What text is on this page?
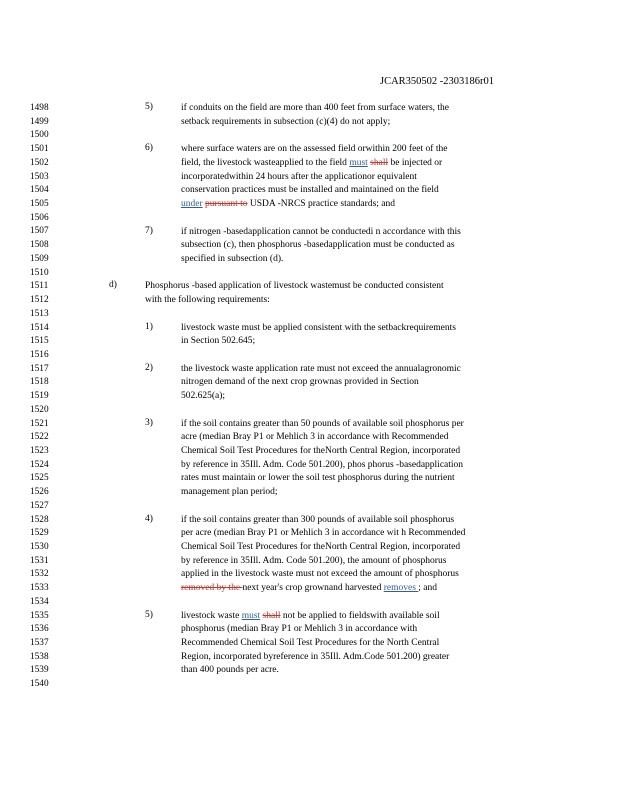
JCAR350502 -2303186r01
1498
1499
1500
1501
1502
1503
1504
1505
1506
1507
1508
1509
1510
1511
1512
1513
1514
1515
1516
1517
1518
1519
1520
1521
1522
1523
1524
1525
1526
1527
1528
1529
1530
1531
1532
1533
1534
1535
1536
1537
1538
1539
1540
5)	if conduits on the field are more than 400 feet from surface waters, the
setback requirements in subsection (c)(4) do not apply;
6)	where surface waters are on the assessed field orwithin 200 feet of the
field, the livestock wasteapplied to the field must shall be injected or
incorporatedwithin 24 hours after the applicationor equivalent
conservation practices must be installed and maintained on the field
under pursuant to USDA -NRCS practice standards; and
7)	if nitrogen -basedapplication cannot be conductedi n accordance with this
subsection (c), then phosphorus -basedapplication must be conducted as
specified in subsection (d).
d)	Phosphorus -based application of livestock wastemust be conducted consistent
with the following requirements:
1)	livestock waste must be applied consistent with the setbackrequirements
in Section 502.645;
2)	the livestock waste application rate must not exceed the annualagronomic
nitrogen demand of the next crop grownas provided in Section
502.625(a);
3)	if the soil contains greater than 50 pounds of available soil phosphorus per
acre (median Bray P1 or Mehlich 3 in accordance with Recommended
Chemical Soil Test Procedures for theNorth Central Region, incorporated
by reference in 35Ill. Adm. Code 501.200), phos phorus -basedapplication
rates must maintain or lower the soil test phosphorus during the nutrient
management plan period;
4)	if the soil contains greater than 300 pounds of available soil phosphorus
per acre (median Bray P1 or Mehlich 3 in accordance wit h Recommended
Chemical Soil Test Procedures for theNorth Central Region, incorporated
by reference in 35Ill. Adm. Code 501.200), the amount of phosphorus
applied in the livestock waste must not exceed the amount of phosphorus
removed by the next year's crop grownand harvested removes ; and
5)	livestock waste must shall not be applied to fieldswith available soil
phosphorus (median Bray P1 or Mehlich 3 in accordance with
Recommended Chemical Soil Test Procedures for the North Central
Region, incorporated byreference in 35Ill. Adm.Code 501.200) greater
than 400 pounds per acre.
